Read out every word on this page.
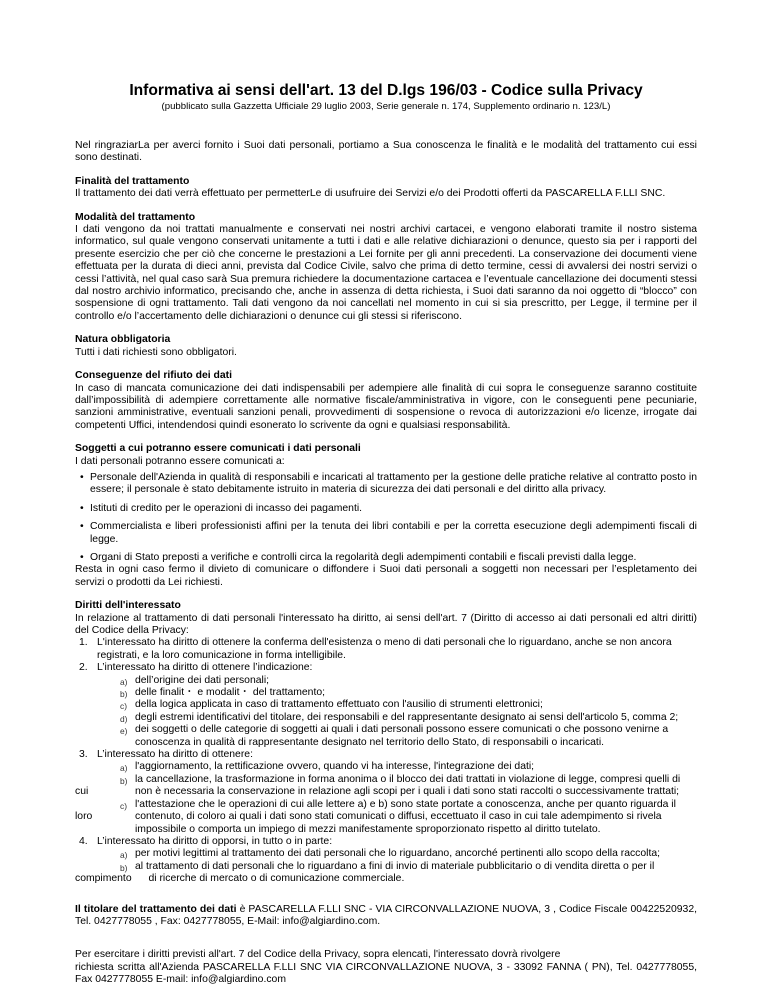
Informativa ai sensi dell'art. 13 del D.lgs 196/03 - Codice sulla Privacy
(pubblicato sulla Gazzetta Ufficiale 29 luglio 2003, Serie generale n. 174, Supplemento ordinario n. 123/L)

Nel ringraziarLa per averci fornito i Suoi dati personali, portiamo a Sua conoscenza le finalità e le modalità del trattamento cui essi sono destinati.

Finalità del trattamento

Il trattamento dei dati verrà effettuato per permetterLe di usufruire dei Servizi e/o dei Prodotti offerti da PASCARELLA F.LLI SNC.

Modalità del trattamento

I dati vengono da noi trattati manualmente e conservati nei nostri archivi cartacei, e vengono elaborati tramite il nostro sistema informatico, sul quale vengono conservati unitamente a tutti i dati e alle relative dichiarazioni o denunce, questo sia per i rapporti del presente esercizio che per ciò che concerne le prestazioni a Lei fornite per gli anni precedenti. La conservazione dei documenti viene effettuata per la durata di dieci anni, prevista dal Codice Civile, salvo che prima di detto termine, cessi di avvalersi dei nostri servizi o cessi l’attività, nel qual caso sarà Sua premura richiedere la documentazione cartacea e l’eventuale cancellazione dei documenti stessi dal nostro archivio informatico, precisando che, anche in assenza di detta richiesta, i Suoi dati saranno da noi oggetto di “blocco” con sospensione di ogni trattamento. Tali dati vengono da noi cancellati nel momento in cui si sia prescritto, per Legge, il termine per il controllo e/o l’accertamento delle dichiarazioni o denunce cui gli stessi si riferiscono.

Natura obbligatoria

Tutti i dati richiesti sono obbligatori.

Conseguenze del rifiuto dei dati

In caso di mancata comunicazione dei dati indispensabili per adempiere alle finalità di cui sopra le conseguenze saranno costituite dall’impossibilità di adempiere correttamente alle normative fiscale/amministrativa in vigore, con le conseguenti pene pecuniarie, sanzioni amministrative, eventuali sanzioni penali, provvedimenti di sospensione o revoca di autorizzazioni e/o licenze, irrogate dai competenti Uffici, intendendosi quindi esonerato lo scrivente da ogni e qualsiasi responsabilità.

Soggetti a cui potranno essere comunicati i dati personali

I dati personali potranno essere comunicati a:

• Personale dell'Azienda in qualità di responsabili e incaricati al trattamento per la gestione delle pratiche relative al contratto posto in essere; il personale è stato debitamente istruito in materia di sicurezza dei dati personali e del diritto alla privacy.
• Istituti di credito per le operazioni di incasso dei pagamenti.
• Commercialista e liberi professionisti affini per la tenuta dei libri contabili e per la corretta esecuzione degli adempimenti fiscali di legge.
• Organi di Stato preposti a verifiche e controlli circa la regolarità degli adempimenti contabili e fiscali previsti dalla legge.

Resta in ogni caso fermo il divieto di comunicare o diffondere i Suoi dati personali a soggetti non necessari per l’espletamento dei servizi o prodotti da Lei richiesti.

Diritti dell'interessato

In relazione al trattamento di dati personali l'interessato ha diritto, ai sensi dell'art. 7 (Diritto di accesso ai dati personali ed altri diritti) del Codice della Privacy:

1. L'interessato ha diritto di ottenere la conferma dell'esistenza o meno di dati personali che lo riguardano, anche se non ancora registrati, e la loro comunicazione in forma intelligibile.
2. L’interessato ha diritto di ottenere l’indicazione:
a) dell’origine dei dati personali;
b) delle finalit・ e modalit・ del trattamento;
c) della logica applicata in caso di trattamento effettuato con l'ausilio di strumenti elettronici;
d) degli estremi identificativi del titolare, dei responsabili e del rappresentante designato ai sensi dell'articolo 5, comma 2;
e) dei soggetti o delle categorie di soggetti ai quali i dati personali possono essere comunicati o che possono venirne a conoscenza in qualità di rappresentante designato nel territorio dello Stato, di responsabili o incaricati.
3. L’interessato ha diritto di ottenere:
a) l'aggiornamento, la rettificazione ovvero, quando vi ha interesse, l'integrazione dei dati;
cui
b) la cancellazione, la trasformazione in forma anonima o il blocco dei dati trattati in violazione di legge, compresi quelli di non è necessaria la conservazione in relazione agli scopi per i quali i dati sono stati raccolti o successivamente trattati;
loro
c) l'attestazione che le operazioni di cui alle lettere a) e b) sono state portate a conoscenza, anche per quanto riguarda il contenuto, di coloro ai quali i dati sono stati comunicati o diffusi, eccettuato il caso in cui tale adempimento si rivela impossibile o comporta un impiego di mezzi manifestamente sproporzionato rispetto al diritto tutelato.
4. L’interessato ha diritto di opporsi, in tutto o in parte:
a) per motivi legittimi al trattamento dei dati personali che lo riguardano, ancorché pertinenti allo scopo della raccolta;
b) al trattamento di dati personali che lo riguardano a fini di invio di materiale pubblicitario o di vendita diretta o per il
compimento di ricerche di mercato o di comunicazione commerciale.

Il titolare del trattamento dei dati è PASCARELLA F.LLI SNC - VIA CIRCONVALLAZIONE NUOVA, 3 , Codice Fiscale 00422520932, Tel. 0427778055 , Fax: 0427778055, E-Mail: info@algiardino.com.

Per esercitare i diritti previsti all'art. 7 del Codice della Privacy, sopra elencati, l'interessato dovrà rivolgere

richiesta scritta all'Azienda PASCARELLA F.LLI SNC VIA CIRCONVALLAZIONE NUOVA, 3 - 33092 FANNA ( PN), Tel. 0427778055, Fax 0427778055 E-mail: info@algiardino.com
